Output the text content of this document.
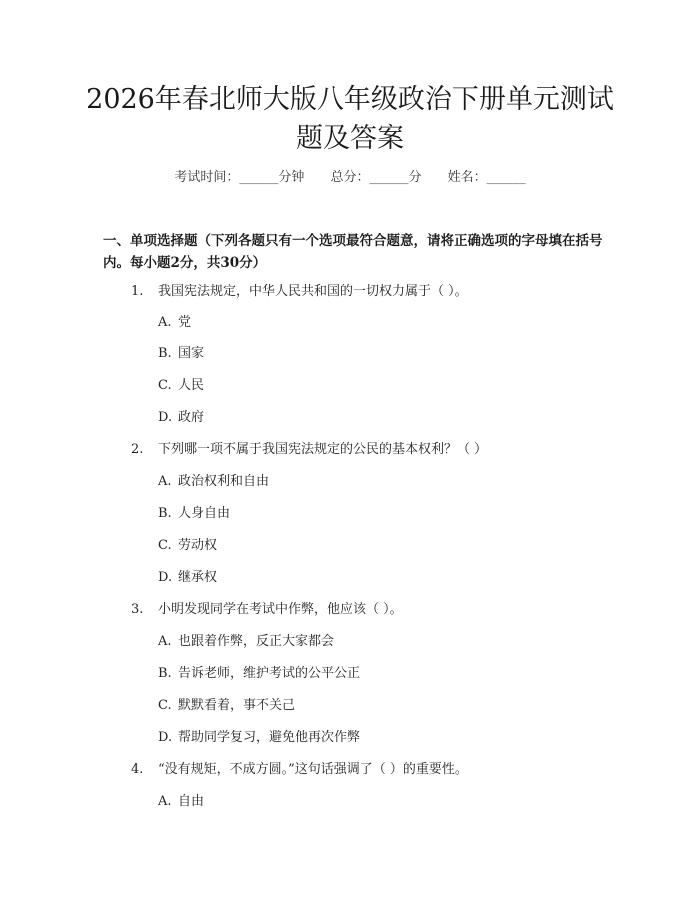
2026年春北师大版八年级政治下册单元测试
题及答案
考试时间：______分钟 总分：______分 姓名：______

一、单项选择题（下列各题只有一个选项最符合题意，请将正确选项的字母填在括号内。每小题2分，共30分）

1. 我国宪法规定，中华人民共和国的一切权力属于（ ）。
A. 党
B. 国家
C. 人民
D. 政府
2. 下列哪一项不属于我国宪法规定的公民的基本权利？（ ）
A. 政治权利和自由
B. 人身自由
C. 劳动权
D. 继承权
3. 小明发现同学在考试中作弊，他应该（ ）。
A. 也跟着作弊，反正大家都会
B. 告诉老师，维护考试的公平公正
C. 默默看着，事不关己
D. 帮助同学复习，避免他再次作弊
4. “没有规矩，不成方圆。”这句话强调了（ ）的重要性。
A. 自由
